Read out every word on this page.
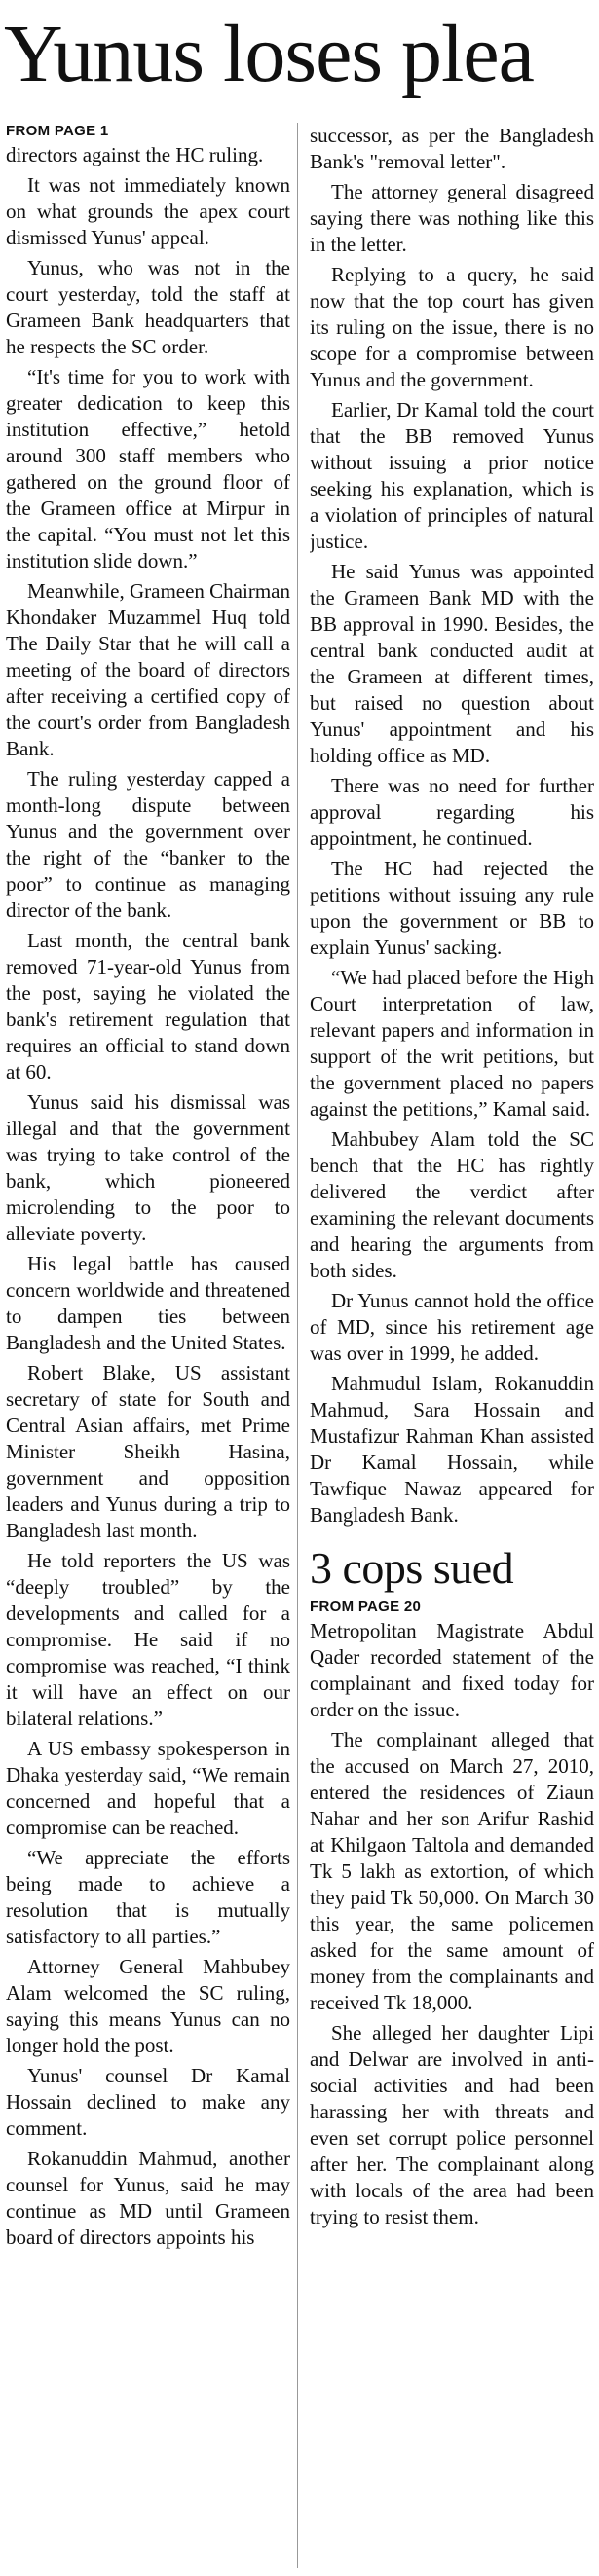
Yunus loses plea
FROM PAGE 1

directors against the HC ruling.

It was not immediately known on what grounds the apex court dismissed Yunus' appeal.

Yunus, who was not in the court yesterday, told the staff at Grameen Bank headquarters that he respects the SC order.

“It's time for you to work with greater dedication to keep this institution effective,” hetold around 300 staff members who gathered on the ground floor of the Grameen office at Mirpur in the capital. “You must not let this institution slide down.”

Meanwhile, Grameen Chairman Khondaker Muzammel Huq told The Daily Star that he will call a meeting of the board of directors after receiving a certified copy of the court's order from Bangladesh Bank.

The ruling yesterday capped a month-long dispute between Yunus and the government over the right of the “banker to the poor” to continue as managing director of the bank.

Last month, the central bank removed 71-year-old Yunus from the post, saying he violated the bank's retirement regulation that requires an official to stand down at 60.

Yunus said his dismissal was illegal and that the government was trying to take control of the bank, which pioneered microlending to the poor to alleviate poverty.

His legal battle has caused concern worldwide and threatened to dampen ties between Bangladesh and the United States.

Robert Blake, US assistant secretary of state for South and Central Asian affairs, met Prime Minister Sheikh Hasina, government and opposition leaders and Yunus during a trip to Bangladesh last month.

He told reporters the US was “deeply troubled” by the developments and called for a compromise. He said if no compromise was reached, “I think it will have an effect on our bilateral relations.”

A US embassy spokesperson in Dhaka yesterday said, “We remain concerned and hopeful that a compromise can be reached.

“We appreciate the efforts being made to achieve a resolution that is mutually satisfactory to all parties.”

Attorney General Mahbubey Alam welcomed the SC ruling, saying this means Yunus can no longer hold the post.

Yunus' counsel Dr Kamal Hossain declined to make any comment.

Rokanuddin Mahmud, another counsel for Yunus, said he may continue as MD until Grameen board of directors appoints his

successor, as per the Bangladesh Bank's "removal letter".

The attorney general disagreed saying there was nothing like this in the letter.

Replying to a query, he said now that the top court has given its ruling on the issue, there is no scope for a compromise between Yunus and the government.

Earlier, Dr Kamal told the court that the BB removed Yunus without issuing a prior notice seeking his explanation, which is a violation of principles of natural justice.

He said Yunus was appointed the Grameen Bank MD with the BB approval in 1990. Besides, the central bank conducted audit at the Grameen at different times, but raised no question about Yunus' appointment and his holding office as MD.

There was no need for further approval regarding his appointment, he continued.

The HC had rejected the petitions without issuing any rule upon the government or BB to explain Yunus' sacking.

“We had placed before the High Court interpretation of law, relevant papers and information in support of the writ petitions, but the government placed no papers against the petitions,” Kamal said.

Mahbubey Alam told the SC bench that the HC has rightly delivered the verdict after examining the relevant documents and hearing the arguments from both sides.

Dr Yunus cannot hold the office of MD, since his retirement age was over in 1999, he added.

Mahmudul Islam, Rokanuddin Mahmud, Sara Hossain and Mustafizur Rahman Khan assisted Dr Kamal Hossain, while Tawfique Nawaz appeared for Bangladesh Bank.

3 cops sued
FROM PAGE 20

Metropolitan Magistrate Abdul Qader recorded statement of the complainant and fixed today for order on the issue.

The complainant alleged that the accused on March 27, 2010, entered the residences of Ziaun Nahar and her son Arifur Rashid at Khilgaon Taltola and demanded Tk 5 lakh as extortion, of which they paid Tk 50,000. On March 30 this year, the same policemen asked for the same amount of money from the complainants and received Tk 18,000.

She alleged her daughter Lipi and Delwar are involved in anti-social activities and had been harassing her with threats and even set corrupt police personnel after her. The complainant along with locals of the area had been trying to resist them.
